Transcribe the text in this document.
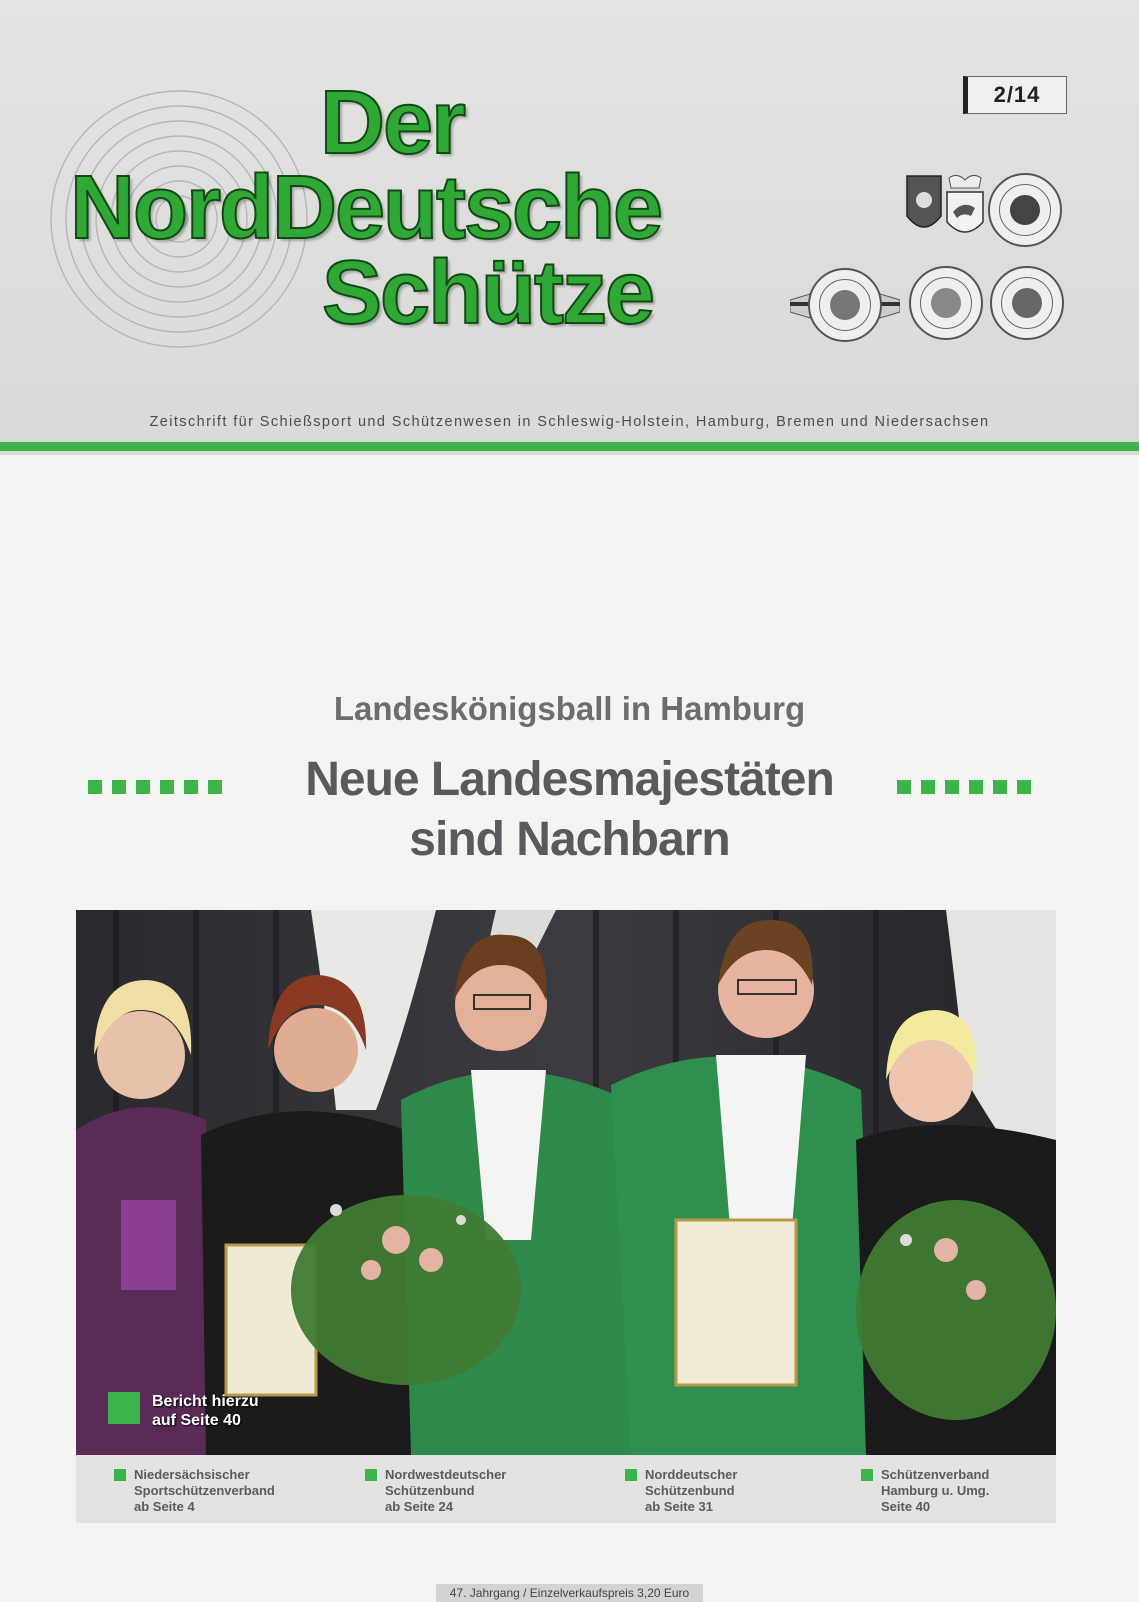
Der
NordDeutsche
Schütze
2/14
Zeitschrift für Schießsport und Schützenwesen in Schleswig-Holstein, Hamburg, Bremen und Niedersachsen
Landeskönigsball in Hamburg
Neue Landesmajestäten
sind Nachbarn
Bericht hierzu
auf Seite 40
Niedersächsischer
Sportschützenverband
ab Seite 4
Nordwestdeutscher
Schützenbund
ab Seite 24
Norddeutscher
Schützenbund
ab Seite 31
Schützenverband
Hamburg u. Umg.
Seite 40
47. Jahrgang / Einzelverkaufspreis 3,20 Euro
